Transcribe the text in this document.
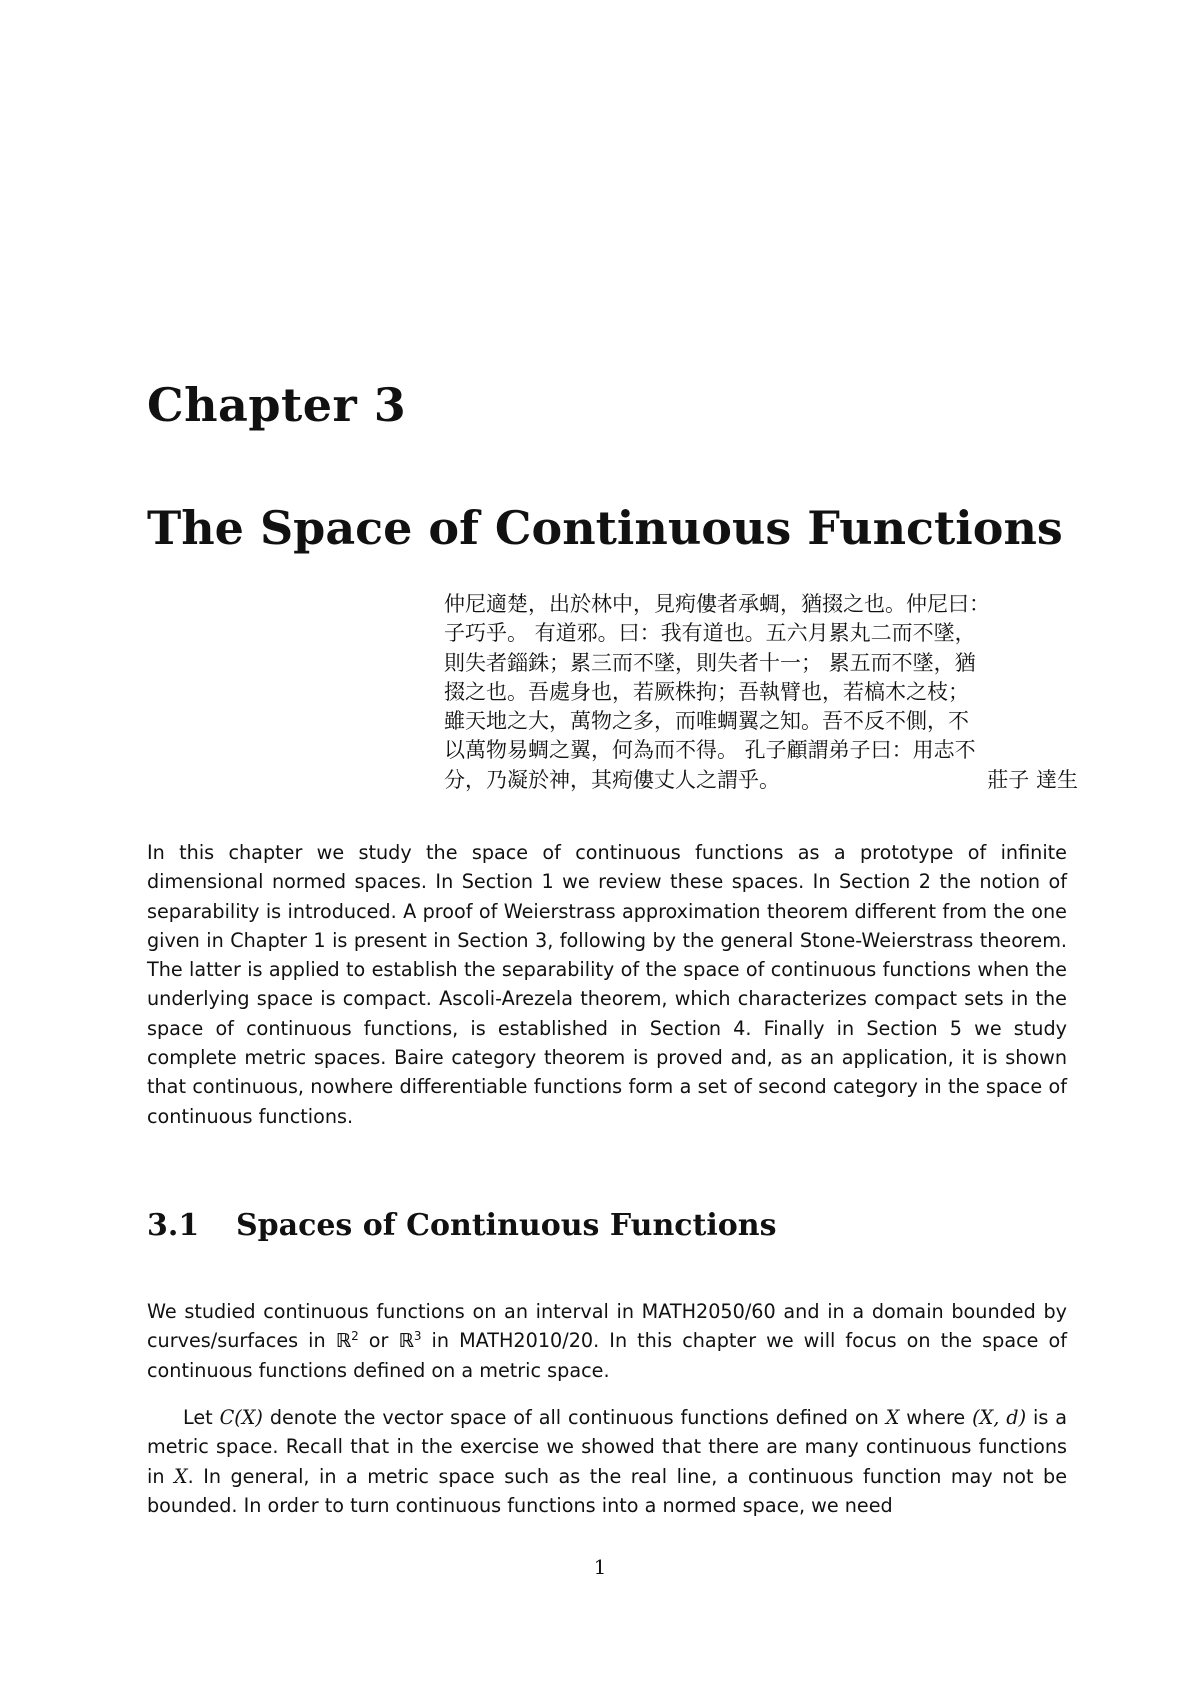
Chapter 3
The Space of Continuous Functions
仲尼適楚，出於林中，見痀僂者承蜩，猶掇之也。仲尼曰：
子巧乎。 有道邪。曰：我有道也。五六月累丸二而不墜，
則失者錙銖；累三而不墜，則失者十一； 累五而不墜，猶
掇之也。吾處身也，若厥株拘；吾執臂也，若槁木之枝；
雖天地之大，萬物之多，而唯蜩翼之知。吾不反不側，不
以萬物易蜩之翼，何為而不得。 孔子顧謂弟子曰：用志不
分，乃凝於神，其痀僂丈人之謂乎。	莊子 達生

In this chapter we study the space of continuous functions as a prototype of infinite dimensional normed spaces. In Section 1 we review these spaces. In Section 2 the notion of separability is introduced. A proof of Weierstrass approximation theorem different from the one given in Chapter 1 is present in Section 3, following by the general Stone-Weierstrass theorem. The latter is applied to establish the separability of the space of continuous functions when the underlying space is compact. Ascoli-Arezela theorem, which characterizes compact sets in the space of continuous functions, is established in Section 4. Finally in Section 5 we study complete metric spaces. Baire category theorem is proved and, as an application, it is shown that continuous, nowhere differentiable functions form a set of second category in the space of continuous functions.

3.1 Spaces of Continuous Functions

We studied continuous functions on an interval in MATH2050/60 and in a domain bounded by curves/surfaces in ℝ$^2$ or ℝ$^3$ in MATH2010/20. In this chapter we will focus on the space of continuous functions defined on a metric space.

Let C(X) denote the vector space of all continuous functions defined on X where (X, d) is a metric space. Recall that in the exercise we showed that there are many continuous functions in X. In general, in a metric space such as the real line, a continuous function may not be bounded. In order to turn continuous functions into a normed space, we need

1
